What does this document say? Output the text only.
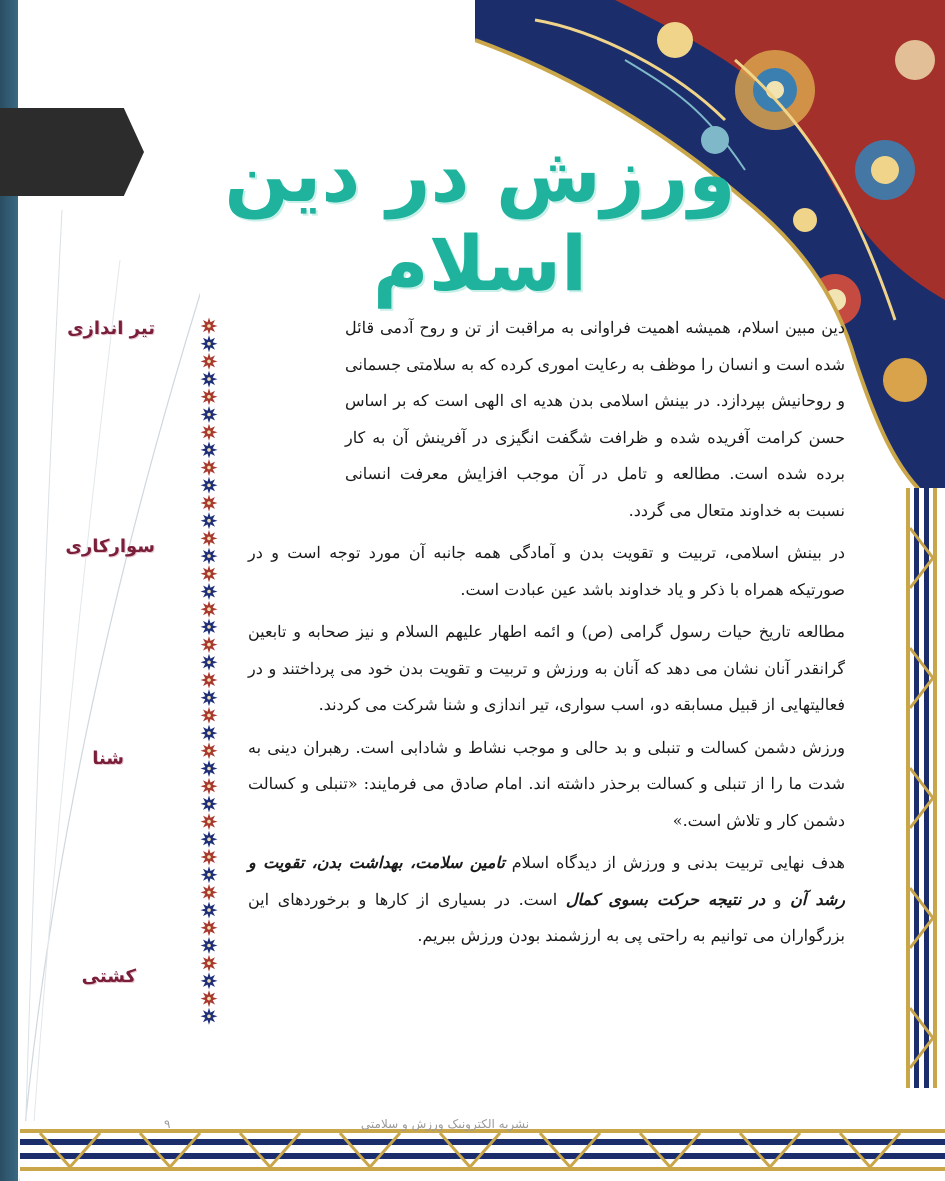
ورزش در دین اسلام
تیر اندازی
سوارکاری
شنا
کشتی

دین مبین اسلام، همیشه اهمیت فراوانی به مراقبت از تن و روح آدمی قائل شده است و انسان را موظف به رعایت اموری کرده که به سلامتی جسمانی و روحانیش بپردازد. در بینش اسلامی بدن هدیه ای الهی است که بر اساس حسن کرامت آفریده شده و ظرافت شگفت انگیزی در آفرینش آن به کار برده شده است. مطالعه و تامل در آن موجب افزایش معرفت انسانی نسبت به خداوند متعال می گردد.

در بینش اسلامی، تربیت و تقویت بدن و آمادگی همه جانبه آن مورد توجه است و در صورتیکه همراه با ذکر و یاد خداوند باشد عین عبادت است.

مطالعه تاریخ حیات رسول گرامی (ص) و ائمه اطهار علیهم السلام و نیز صحابه و تابعین گرانقدر آنان نشان می دهد که آنان به ورزش و تربیت و تقویت بدن خود می پرداختند و در فعالیتهایی از قبیل مسابقه دو، اسب سواری، تیر اندازی و شنا شرکت می کردند.

ورزش دشمن کسالت و تنبلی و بد حالی و موجب نشاط و شادابی است. رهبران دینی به شدت ما را از تنبلی و کسالت برحذر داشته اند. امام صادق می فرمایند: «تنبلی و کسالت دشمن کار و تلاش است.»

هدف نهایی تربیت بدنی و ورزش از دیدگاه اسلام تامین سلامت، بهداشت بدن، تقویت و رشد آن و در نتیجه حرکت بسوی کمال است. در بسیاری از کارها و برخوردهای این بزرگواران می توانیم به راحتی پی به ارزشمند بودن ورزش ببریم.

۹	نشریه الکترونیک ورزش و سلامتی
